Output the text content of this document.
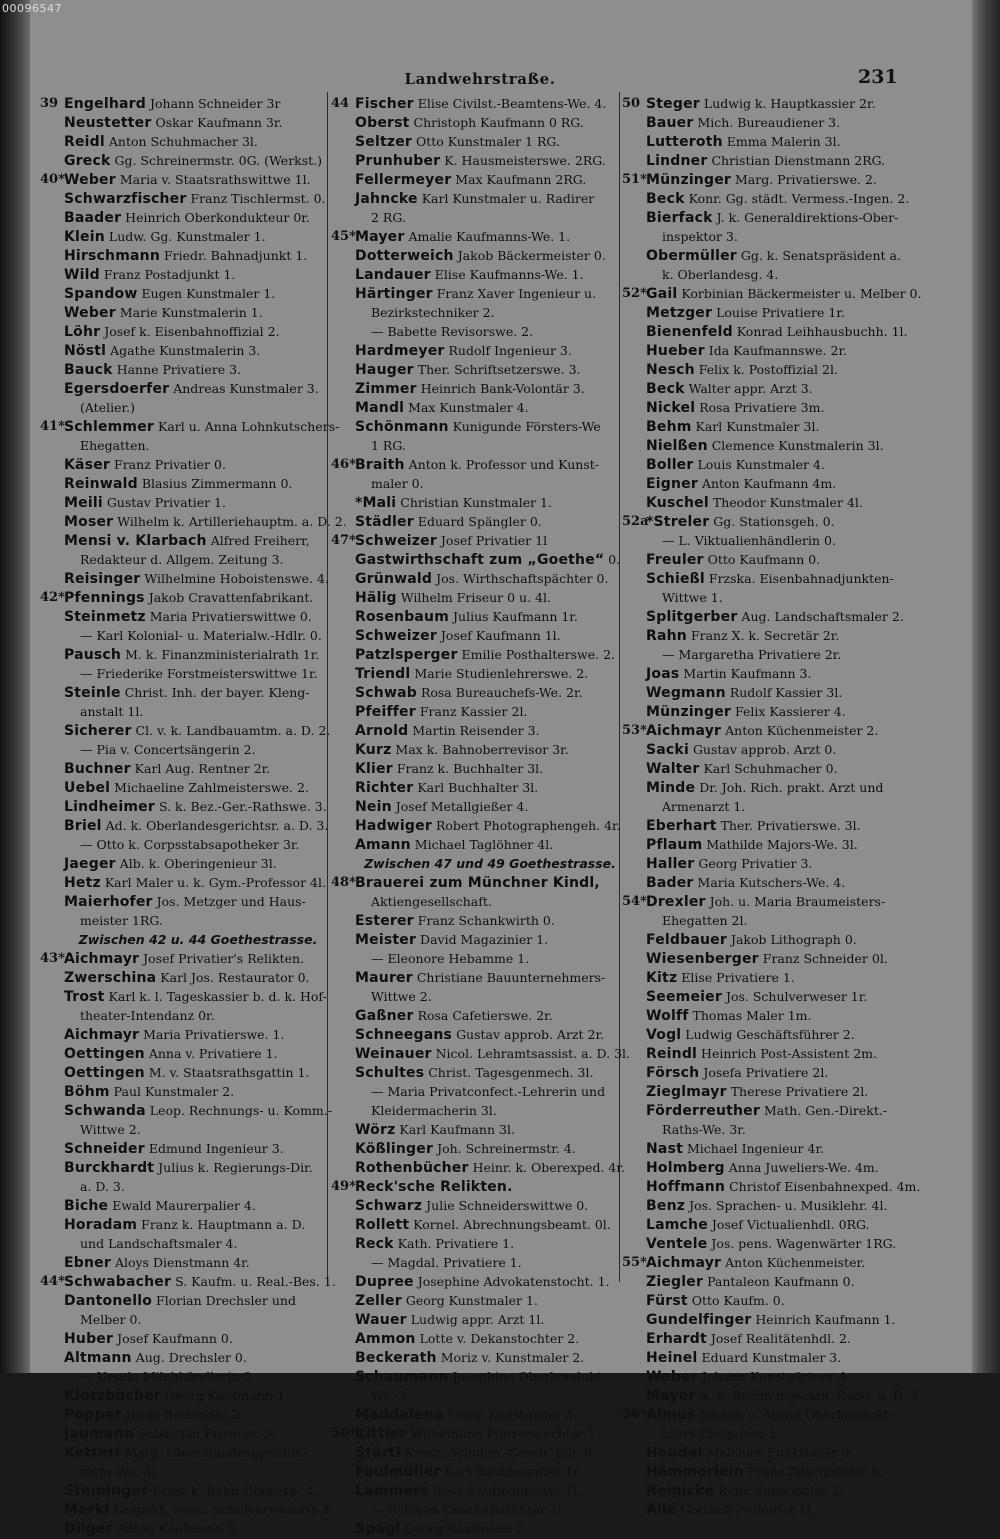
00096547
Landwehrstraße.	231
39 Engelhard Johann Schneider 3r
Neustetter Oskar Kaufmann 3r.
Reidl Anton Schuhmacher 3l.
Greck Gg. Schreinermstr. 0G. (Werkst.)
40* Weber Maria v. Staatsrathswittwe 1l.
Schwarzfischer Franz Tischlermst. 0.
Baader Heinrich Oberkondukteur 0r.
Klein Ludw. Gg. Kunstmaler 1.
Hirschmann Friedr. Bahnadjunkt 1.
Wild Franz Postadjunkt 1.
Spandow Eugen Kunstmaler 1.
Weber Marie Kunstmalerin 1.
Löhr Josef k. Eisenbahnoffizial 2.
Nöstl Agathe Kunstmalerin 3.
Bauck Hanne Privatiere 3.
Egersdoerfer Andreas Kunstmaler 3.
(Atelier.)
41* Schlemmer Karl u. Anna Lohnkutschers-
Ehegatten.
Käser Franz Privatier 0.
Reinwald Blasius Zimmermann 0.
Meili Gustav Privatier 1.
Moser Wilhelm k. Artilleriehauptm. a. D. 2.
Mensi v. Klarbach Alfred Freiherr,
Redakteur d. Allgem. Zeitung 3.
Reisinger Wilhelmine Hoboistenswe. 4.
42* Pfennings Jakob Cravattenfabrikant.
Steinmetz Maria Privatierswittwe 0.
— Karl Kolonial- u. Materialw.-Hdlr. 0.
Pausch M. k. Finanzministerialrath 1r.
— Friederike Forstmeisterswittwe 1r.
Steinle Christ. Inh. der bayer. Kleng-
anstalt 1l.
Sicherer Cl. v. k. Landbauamtm. a. D. 2.
— Pia v. Concertsängerin 2.
Buchner Karl Aug. Rentner 2r.
Uebel Michaeline Zahlmeisterswe. 2.
Lindheimer S. k. Bez.-Ger.-Rathswe. 3.
Briel Ad. k. Oberlandesgerichtsr. a. D. 3.
— Otto k. Corpsstabsapotheker 3r.
Jaeger Alb. k. Oberingenieur 3l.
Hetz Karl Maler u. k. Gym.-Professor 4l.
Maierhofer Jos. Metzger und Haus-
meister 1RG.
Zwischen 42 u. 44 Goethestrasse.
43* Aichmayr Josef Privatier's Relikten.
Zwerschina Karl Jos. Restaurator 0.
Trost Karl k. l. Tageskassier b. d. k. Hof-
theater-Intendanz 0r.
Aichmayr Maria Privatierswe. 1.
Oettingen Anna v. Privatiere 1.
Oettingen M. v. Staatsrathsgattin 1.
Böhm Paul Kunstmaler 2.
Schwanda Leop. Rechnungs- u. Komm.-
Wittwe 2.
Schneider Edmund Ingenieur 3.
Burckhardt Julius k. Regierungs-Dir.
a. D. 3.
Biche Ewald Maurerpalier 4.
Horadam Franz k. Hauptmann a. D.
und Landschaftsmaler 4.
Ebner Aloys Dienstmann 4r.
44* Schwabacher S. Kaufm. u. Real.-Bes. 1.
Dantonello Florian Drechsler und
Melber 0.
Huber Josef Kaufmann 0.
Altmann Aug. Drechsler 0.
— Ursula Milchhändlerin 0.
Klotzbücher Georg Kaufmann 1.
Popper Hugo Reisender 2.
Jaumann Sebastian Privatier 3.
Ketterl Marg. Oberstlandesgerichts-
raths-We. 3l.
Steininger Ernst k. Bahn-Oberexp. 4.
Merkl Leopold. vorm. Schulverweserin 4.
Dilger Anton Kaufmann 4.
44 Fischer Elise Civilst.-Beamtens-We. 4.
Oberst Christoph Kaufmann 0 RG.
Seltzer Otto Kunstmaler 1 RG.
Prunhuber K. Hausmeisterswe. 2RG.
Fellermeyer Max Kaufmann 2RG.
Jahncke Karl Kunstmaler u. Radirer
2 RG.
45* Mayer Amalie Kaufmanns-We. 1.
Dotterweich Jakob Bäckermeister 0.
Landauer Elise Kaufmanns-We. 1.
Härtinger Franz Xaver Ingenieur u.
Bezirkstechniker 2.
— Babette Revisorswe. 2.
Hardmeyer Rudolf Ingenieur 3.
Hauger Ther. Schriftsetzerswe. 3.
Zimmer Heinrich Bank-Volontär 3.
Mandl Max Kunstmaler 4.
Schönmann Kunigunde Försters-We
1 RG.
46* Braith Anton k. Professor und Kunst-
maler 0.
*Mali Christian Kunstmaler 1.
Städler Eduard Spängler 0.
47* Schweizer Josef Privatier 1l
Gastwirthschaft zum „Goethe“ 0.
Grünwald Jos. Wirthschaftspächter 0.
Hälig Wilhelm Friseur 0 u. 4l.
Rosenbaum Julius Kaufmann 1r.
Schweizer Josef Kaufmann 1l.
Patzlsperger Emilie Posthalterswe. 2.
Triendl Marie Studienlehrerswe. 2.
Schwab Rosa Bureauchefs-We. 2r.
Pfeiffer Franz Kassier 2l.
Arnold Martin Reisender 3.
Kurz Max k. Bahnoberrevisor 3r.
Klier Franz k. Buchhalter 3l.
Richter Karl Buchhalter 3l.
Nein Josef Metallgießer 4.
Hadwiger Robert Photographengeh. 4r.
Amann Michael Taglöhner 4l.
Zwischen 47 und 49 Goethestrasse.
48* Brauerei zum Münchner Kindl,
Aktiengesellschaft.
Esterer Franz Schankwirth 0.
Meister David Magazinier 1.
— Eleonore Hebamme 1.
Maurer Christiane Bauunternehmers-
Wittwe 2.
Gaßner Rosa Cafetierswe. 2r.
Schneegans Gustav approb. Arzt 2r.
Weinauer Nicol. Lehramtsassist. a. D. 3l.
Schultes Christ. Tagesgenmech. 3l.
— Maria Privatconfect.-Lehrerin und
Kleidermacherin 3l.
Wörz Karl Kaufmann 3l.
Kößlinger Joh. Schreinermstr. 4.
Rothenbücher Heinr. k. Oberexped. 4r.
49* Reck'sche Relikten.
Schwarz Julie Schneiderswittwe 0.
Rollett Kornel. Abrechnungsbeamt. 0l.
Reck Kath. Privatiere 1.
— Magdal. Privatiere 1.
Dupree Josephine Advokatenstocht. 1.
Zeller Georg Kunstmaler 1.
Wauer Ludwig appr. Arzt 1l.
Ammon Lotte v. Dekanstochter 2.
Beckerath Moriz v. Kunstmaler 2.
Schaumann Josephine Oberkondukt.-
We. 3.
Maddalena Franz Kunstmaler 3.
50* Kittler Wilhelmine Pfarrerstochter 1.
Stärtl Kresz. Schuhm.-Gesch.-Inh. 0.
Faulmüller Karl Bankbeamter 1r.
Lammers Rosa Kaufmannswe. 1l.
— Wilhelm Geschäftsführer 1l.
Spagl Georg Kaufmann 2.
50 Steger Ludwig k. Hauptkassier 2r.
Bauer Mich. Bureaudiener 3.
Lutteroth Emma Malerin 3l.
Lindner Christian Dienstmann 2RG.
51* Münzinger Marg. Privatierswe. 2.
Beck Konr. Gg. städt. Vermess.-Ingen. 2.
Bierfack J. k. Generaldirektions-Ober-
inspektor 3.
Obermüller Gg. k. Senatspräsident a.
k. Oberlandesg. 4.
52* Gail Korbinian Bäckermeister u. Melber 0.
Metzger Louise Privatiere 1r.
Bienenfeld Konrad Leihhausbuchh. 1l.
Hueber Ida Kaufmannswe. 2r.
Nesch Felix k. Postoffizial 2l.
Beck Walter appr. Arzt 3.
Nickel Rosa Privatiere 3m.
Behm Karl Kunstmaler 3l.
Nielßen Clemence Kunstmalerin 3l.
Boller Louis Kunstmaler 4.
Eigner Anton Kaufmann 4m.
Kuschel Theodor Kunstmaler 4l.
52a
*Streler Gg. Stationsgeh. 0.
— L. Viktualienhändlerin 0.
Freuler Otto Kaufmann 0.
Schießl Frzska. Eisenbahnadjunkten-
Wittwe 1.
Splitgerber Aug. Landschaftsmaler 2.
Rahn Franz X. k. Secretär 2r.
— Margaretha Privatiere 2r.
Joas Martin Kaufmann 3.
Wegmann Rudolf Kassier 3l.
Münzinger Felix Kassierer 4.
53* Aichmayr Anton Küchenmeister 2.
Sacki Gustav approb. Arzt 0.
Walter Karl Schuhmacher 0.
Minde Dr. Joh. Rich. prakt. Arzt und
Armenarzt 1.
Eberhart Ther. Privatierswe. 3l.
Pflaum Mathilde Majors-We. 3l.
Haller Georg Privatier 3.
Bader Maria Kutschers-We. 4.
54* Drexler Joh. u. Maria Braumeisters-
Ehegatten 2l.
Feldbauer Jakob Lithograph 0.
Wiesenberger Franz Schneider 0l.
Kitz Elise Privatiere 1.
Seemeier Jos. Schulverweser 1r.
Wolff Thomas Maler 1m.
Vogl Ludwig Geschäftsführer 2.
Reindl Heinrich Post-Assistent 2m.
Försch Josefa Privatiere 2l.
Zieglmayr Therese Privatiere 2l.
Förderreuther Math. Gen.-Direkt.-
Raths-We. 3r.
Nast Michael Ingenieur 4r.
Holmberg Anna Juweliers-We. 4m.
Hoffmann Christof Eisenbahnexped. 4m.
Benz Jos. Sprachen- u. Musiklehr. 4l.
Lamche Josef Victualienhdl. 0RG.
Ventele Jos. pens. Wagenwärter 1RG.
55* Aichmayr Anton Küchenmeister.
Ziegler Pantaleon Kaufmann 0.
Fürst Otto Kaufm. 0.
Gundelfinger Heinrich Kaufmann 1.
Erhardt Josef Realitätenhdl. 2.
Heinel Eduard Kunstmaler 3.
Weber Johann Kunstgärtner 4.
Mayer A. k. Rechnungsrath, Rend. a. D. 4.
56* Almus Johann u. Maria Oberkondukt-
teurs-Ehegatten 1.
Heudel Melchior Funktionär 0.
Hämmerlein Franz Zuschneider 0.
Reinicke René Kunstmaler 2.
Allé Gottlieb Prokurist 1l.
